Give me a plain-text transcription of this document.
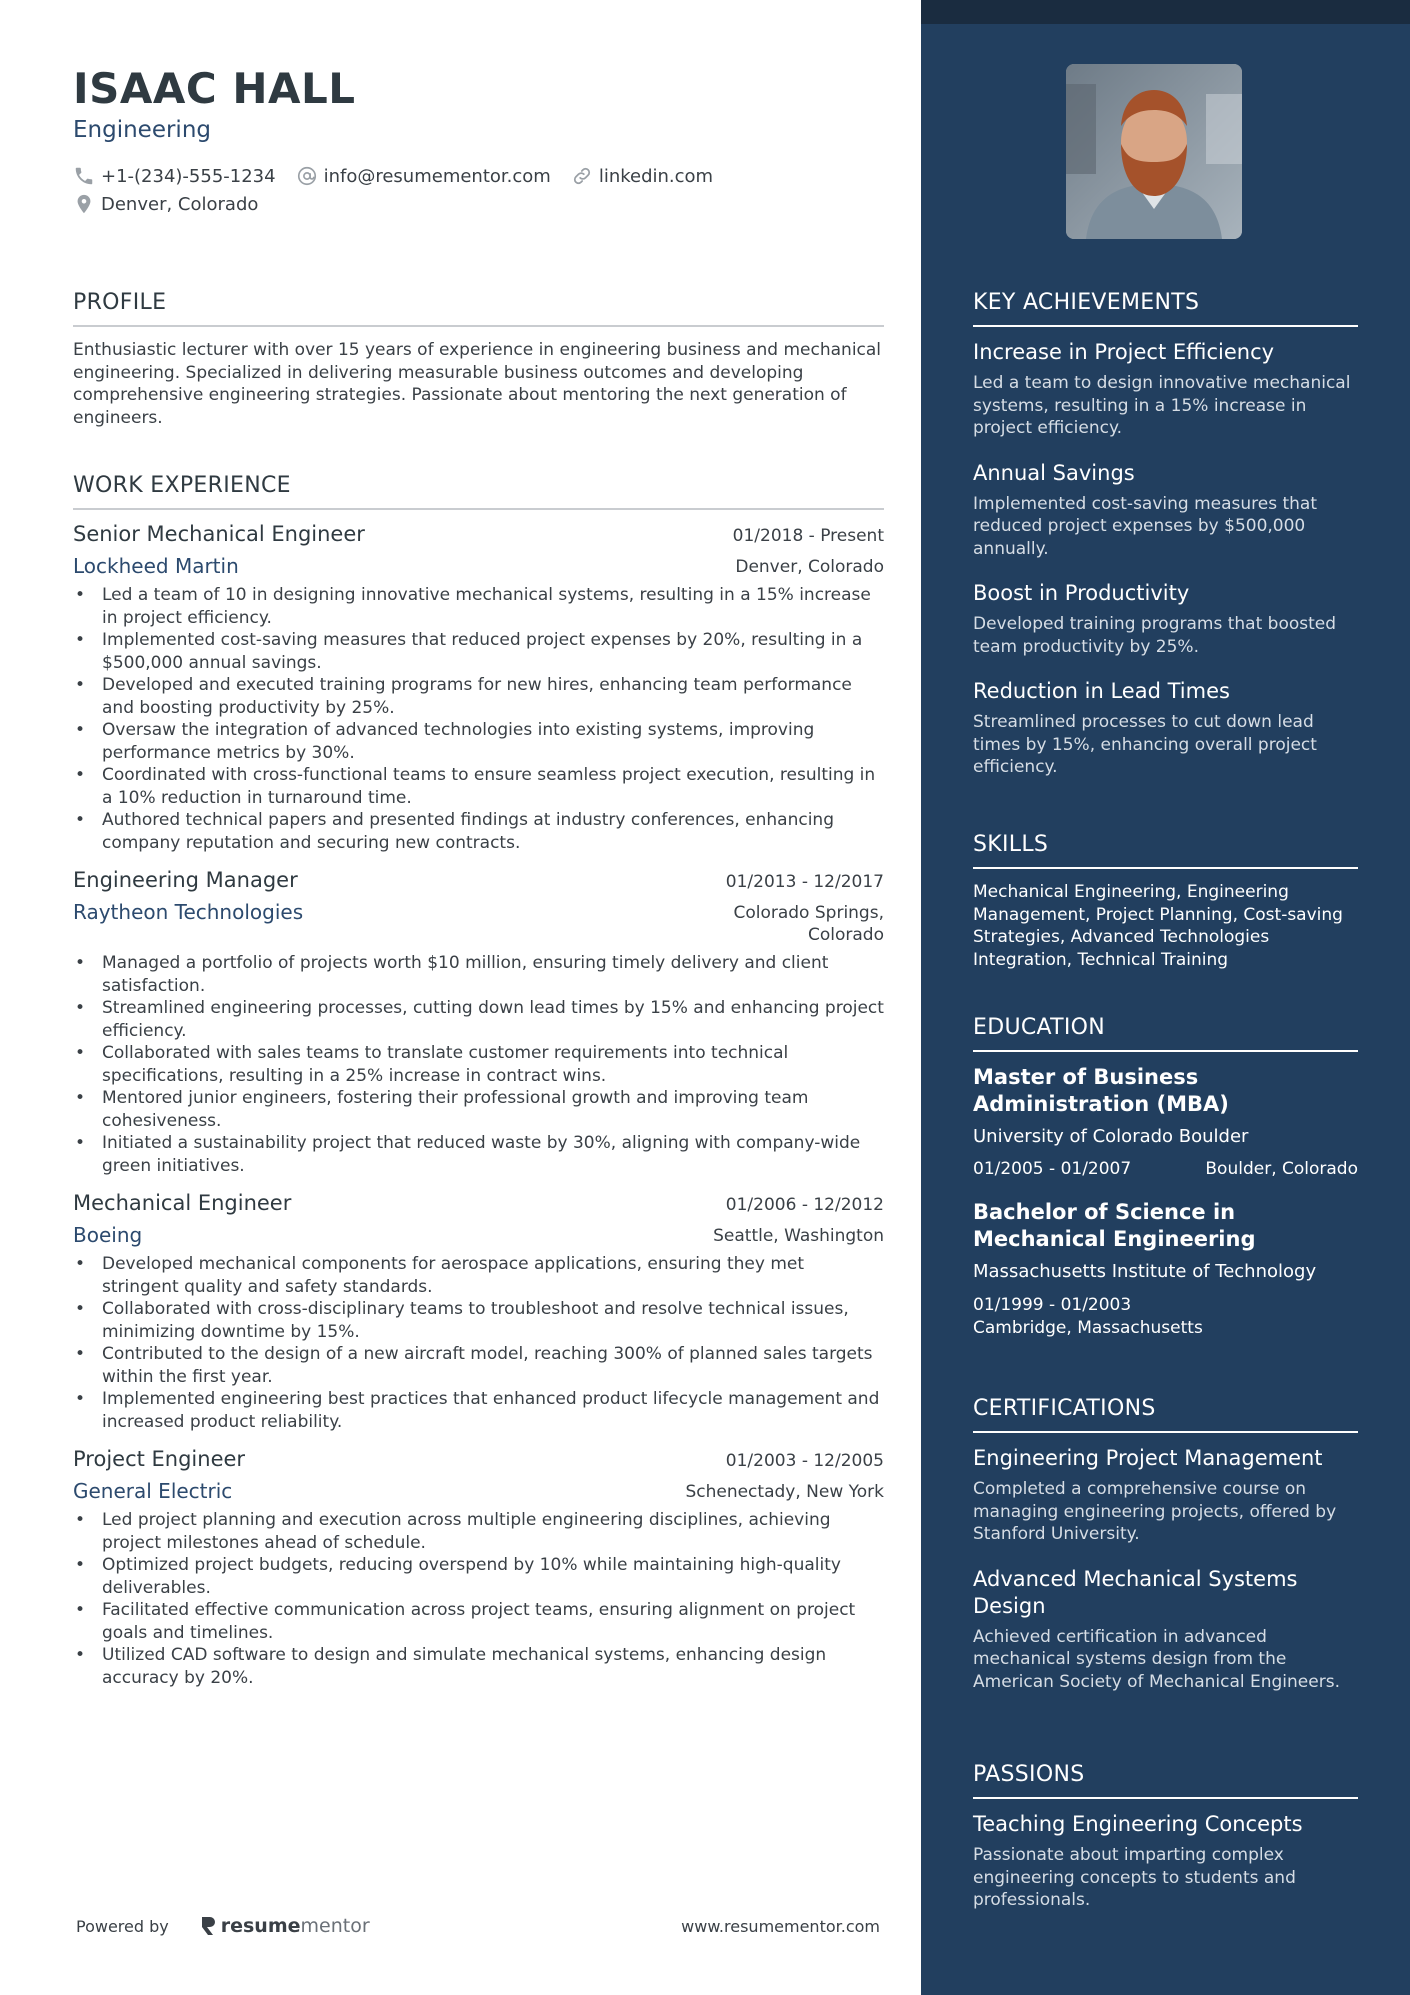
ISAAC HALL
Engineering
+1-(234)-555-1234	info@resumementor.com	linkedin.com
Denver, Colorado
PROFILE
Enthusiastic lecturer with over 15 years of experience in engineering business and mechanical engineering. Specialized in delivering measurable business outcomes and developing comprehensive engineering strategies. Passionate about mentoring the next generation of engineers.
WORK EXPERIENCE
Senior Mechanical Engineer	01/2018 - Present
Lockheed Martin	Denver, Colorado
• Led a team of 10 in designing innovative mechanical systems, resulting in a 15% increase in project efficiency.
• Implemented cost-saving measures that reduced project expenses by 20%, resulting in a $500,000 annual savings.
• Developed and executed training programs for new hires, enhancing team performance and boosting productivity by 25%.
• Oversaw the integration of advanced technologies into existing systems, improving performance metrics by 30%.
• Coordinated with cross-functional teams to ensure seamless project execution, resulting in a 10% reduction in turnaround time.
• Authored technical papers and presented findings at industry conferences, enhancing company reputation and securing new contracts.
Engineering Manager	01/2013 - 12/2017
Raytheon Technologies	Colorado Springs,
Colorado
• Managed a portfolio of projects worth $10 million, ensuring timely delivery and client satisfaction.
• Streamlined engineering processes, cutting down lead times by 15% and enhancing project efficiency.
• Collaborated with sales teams to translate customer requirements into technical specifications, resulting in a 25% increase in contract wins.
• Mentored junior engineers, fostering their professional growth and improving team cohesiveness.
• Initiated a sustainability project that reduced waste by 30%, aligning with company-wide green initiatives.
Mechanical Engineer	01/2006 - 12/2012
Boeing	Seattle, Washington
• Developed mechanical components for aerospace applications, ensuring they met stringent quality and safety standards.
• Collaborated with cross-disciplinary teams to troubleshoot and resolve technical issues, minimizing downtime by 15%.
• Contributed to the design of a new aircraft model, reaching 300% of planned sales targets within the first year.
• Implemented engineering best practices that enhanced product lifecycle management and increased product reliability.
Project Engineer	01/2003 - 12/2005
General Electric	Schenectady, New York
• Led project planning and execution across multiple engineering disciplines, achieving project milestones ahead of schedule.
• Optimized project budgets, reducing overspend by 10% while maintaining high-quality deliverables.
• Facilitated effective communication across project teams, ensuring alignment on project goals and timelines.
• Utilized CAD software to design and simulate mechanical systems, enhancing design accuracy by 20%.
Powered by	resume mentor	www.resumementor.com
KEY ACHIEVEMENTS
Increase in Project Efficiency
Led a team to design innovative mechanical systems, resulting in a 15% increase in project efficiency.
Annual Savings
Implemented cost-saving measures that reduced project expenses by $500,000 annually.
Boost in Productivity
Developed training programs that boosted team productivity by 25%.
Reduction in Lead Times
Streamlined processes to cut down lead times by 15%, enhancing overall project efficiency.
SKILLS
Mechanical Engineering, Engineering Management, Project Planning, Cost-saving Strategies, Advanced Technologies Integration, Technical Training
EDUCATION
Master of Business Administration (MBA)
University of Colorado Boulder
01/2005 - 01/2007	Boulder, Colorado
Bachelor of Science in Mechanical Engineering
Massachusetts Institute of Technology
01/1999 - 01/2003
Cambridge, Massachusetts
CERTIFICATIONS
Engineering Project Management
Completed a comprehensive course on managing engineering projects, offered by Stanford University.
Advanced Mechanical Systems Design
Achieved certification in advanced mechanical systems design from the American Society of Mechanical Engineers.
PASSIONS
Teaching Engineering Concepts
Passionate about imparting complex engineering concepts to students and professionals.
